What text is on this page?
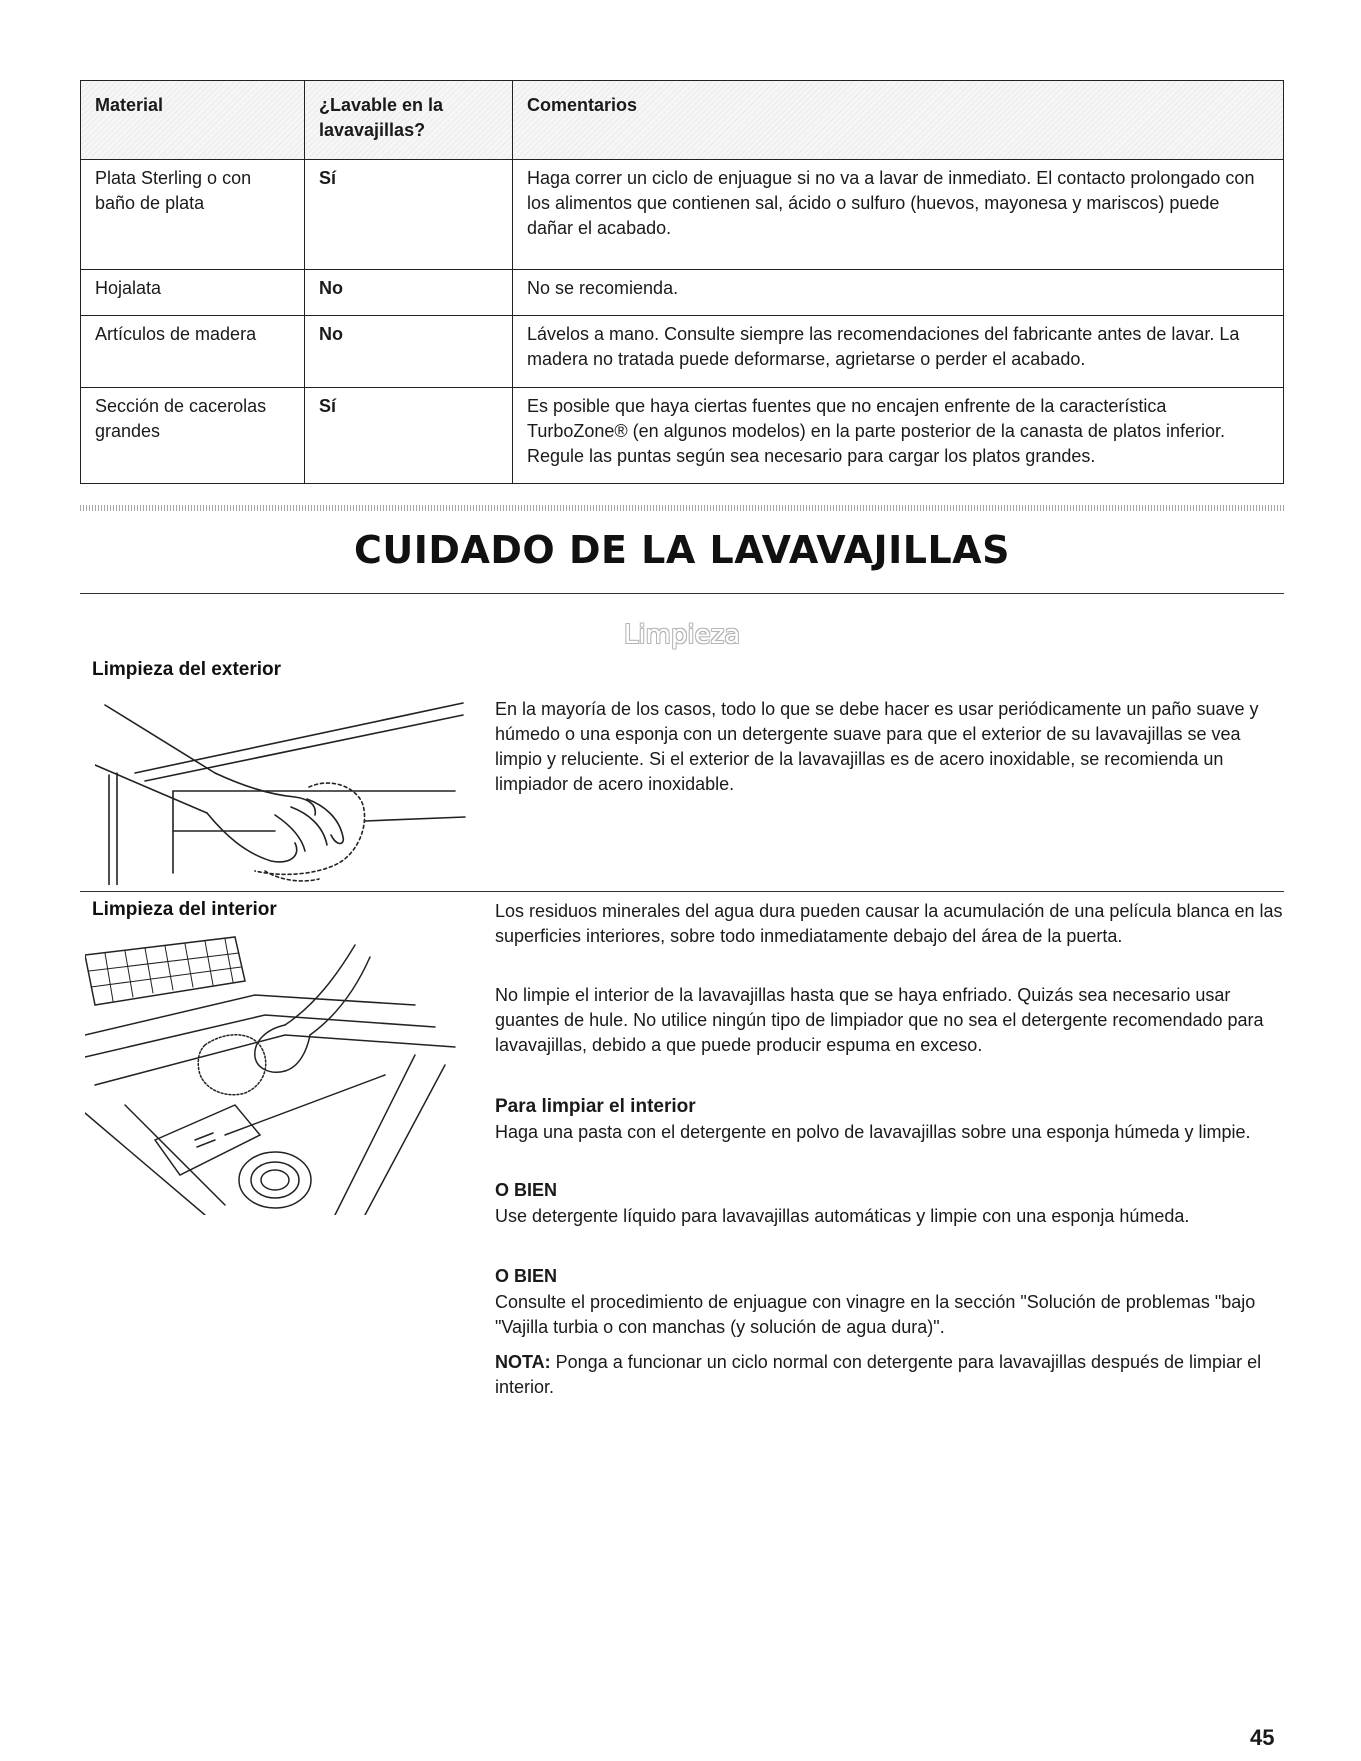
Material	¿Lavable en la lavavajillas?	Comentarios
Plata Sterling o con baño de plata	Sí	Haga correr un ciclo de enjuague si no va a lavar de inmediato. El contacto prolongado con los alimentos que contienen sal, ácido o sulfuro (huevos, mayonesa y mariscos) puede dañar el acabado.
Hojalata	No	No se recomienda.
Artículos de madera	No	Lávelos a mano. Consulte siempre las recomendaciones del fabricante antes de lavar. La madera no tratada puede deformarse, agrietarse o perder el acabado.
Sección de cacerolas grandes	Sí	Es posible que haya ciertas fuentes que no encajen enfrente de la característica TurboZone® (en algunos modelos) en la parte posterior de la canasta de platos inferior. Regule las puntas según sea necesario para cargar los platos grandes.
CUIDADO DE LA LAVAVAJILLAS
Limpieza
Limpieza del exterior

En la mayoría de los casos, todo lo que se debe hacer es usar periódicamente un paño suave y húmedo o una esponja con un detergente suave para que el exterior de su lavavajillas se vea limpio y reluciente. Si el exterior de la lavavajillas es de acero inoxidable, se recomienda un limpiador de acero inoxidable.

Limpieza del interior	Los residuos minerales del agua dura pueden causar la acumulación de una película blanca en las superficies interiores, sobre todo inmediatamente debajo del área de la puerta.

No limpie el interior de la lavavajillas hasta que se haya enfriado. Quizás sea necesario usar guantes de hule. No utilice ningún tipo de limpiador que no sea el detergente recomendado para lavavajillas, debido a que puede producir espuma en exceso.

Para limpiar el interior

Haga una pasta con el detergente en polvo de lavavajillas sobre una esponja húmeda y limpie.

O BIEN

Use detergente líquido para lavavajillas automáticas y limpie con una esponja húmeda.

O BIEN

Consulte el procedimiento de enjuague con vinagre en la sección "Solución de problemas "bajo "Vajilla turbia o con manchas (y solución de agua dura)".

NOTA: Ponga a funcionar un ciclo normal con detergente para lavavajillas después de limpiar el interior.

45
